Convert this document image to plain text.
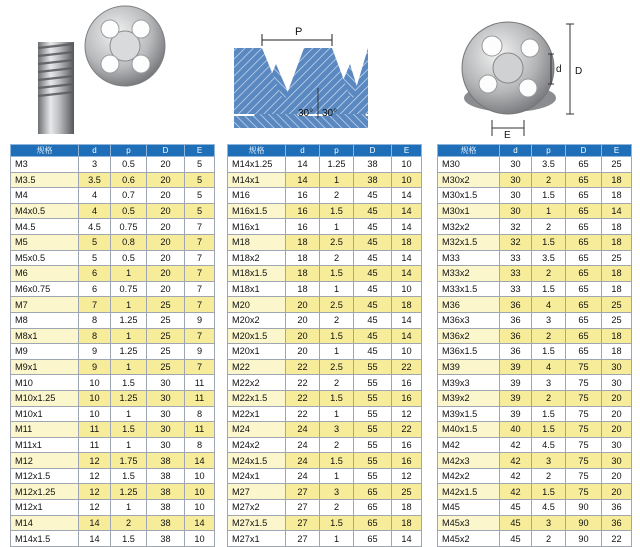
P
30° 30°
d D
E
规格	d	p	D	E
M3	3	0.5	20	5
M3.5	3.5	0.6	20	5
M4	4	0.7	20	5
M4x0.5	4	0.5	20	5
M4.5	4.5	0.75	20	7
M5	5	0.8	20	7
M5x0.5	5	0.5	20	7
M6	6	1	20	7
M6x0.75	6	0.75	20	7
M7	7	1	25	7
M8	8	1.25	25	9
M8x1	8	1	25	7
M9	9	1.25	25	9
M9x1	9	1	25	7
M10	10	1.5	30	11
M10x1.25	10	1.25	30	11
M10x1	10	1	30	8
M11	11	1.5	30	11
M11x1	11	1	30	8
M12	12	1.75	38	14
M12x1.5	12	1.5	38	10
M12x1.25	12	1.25	38	10
M12x1	12	1	38	10
M14	14	2	38	14
M14x1.5	14	1.5	38	10
规格	d	p	D	E
M14x1.25	14	1.25	38	10
M14x1	14	1	38	10
M16	16	2	45	14
M16x1.5	16	1.5	45	14
M16x1	16	1	45	14
M18	18	2.5	45	18
M18x2	18	2	45	14
M18x1.5	18	1.5	45	14
M18x1	18	1	45	10
M20	20	2.5	45	18
M20x2	20	2	45	14
M20x1.5	20	1.5	45	14
M20x1	20	1	45	10
M22	22	2.5	55	22
M22x2	22	2	55	16
M22x1.5	22	1.5	55	16
M22x1	22	1	55	12
M24	24	3	55	22
M24x2	24	2	55	16
M24x1.5	24	1.5	55	16
M24x1	24	1	55	12
M27	27	3	65	25
M27x2	27	2	65	18
M27x1.5	27	1.5	65	18
M27x1	27	1	65	14
规格	d	p	D	E
M30	30	3.5	65	25
M30x2	30	2	65	18
M30x1.5	30	1.5	65	18
M30x1	30	1	65	14
M32x2	32	2	65	18
M32x1.5	32	1.5	65	18
M33	33	3.5	65	25
M33x2	33	2	65	18
M33x1.5	33	1.5	65	18
M36	36	4	65	25
M36x3	36	3	65	25
M36x2	36	2	65	18
M36x1.5	36	1.5	65	18
M39	39	4	75	30
M39x3	39	3	75	30
M39x2	39	2	75	20
M39x1.5	39	1.5	75	20
M40x1.5	40	1.5	75	20
M42	42	4.5	75	30
M42x3	42	3	75	30
M42x2	42	2	75	20
M42x1.5	42	1.5	75	20
M45	45	4.5	90	36
M45x3	45	3	90	36
M45x2	45	2	90	22
